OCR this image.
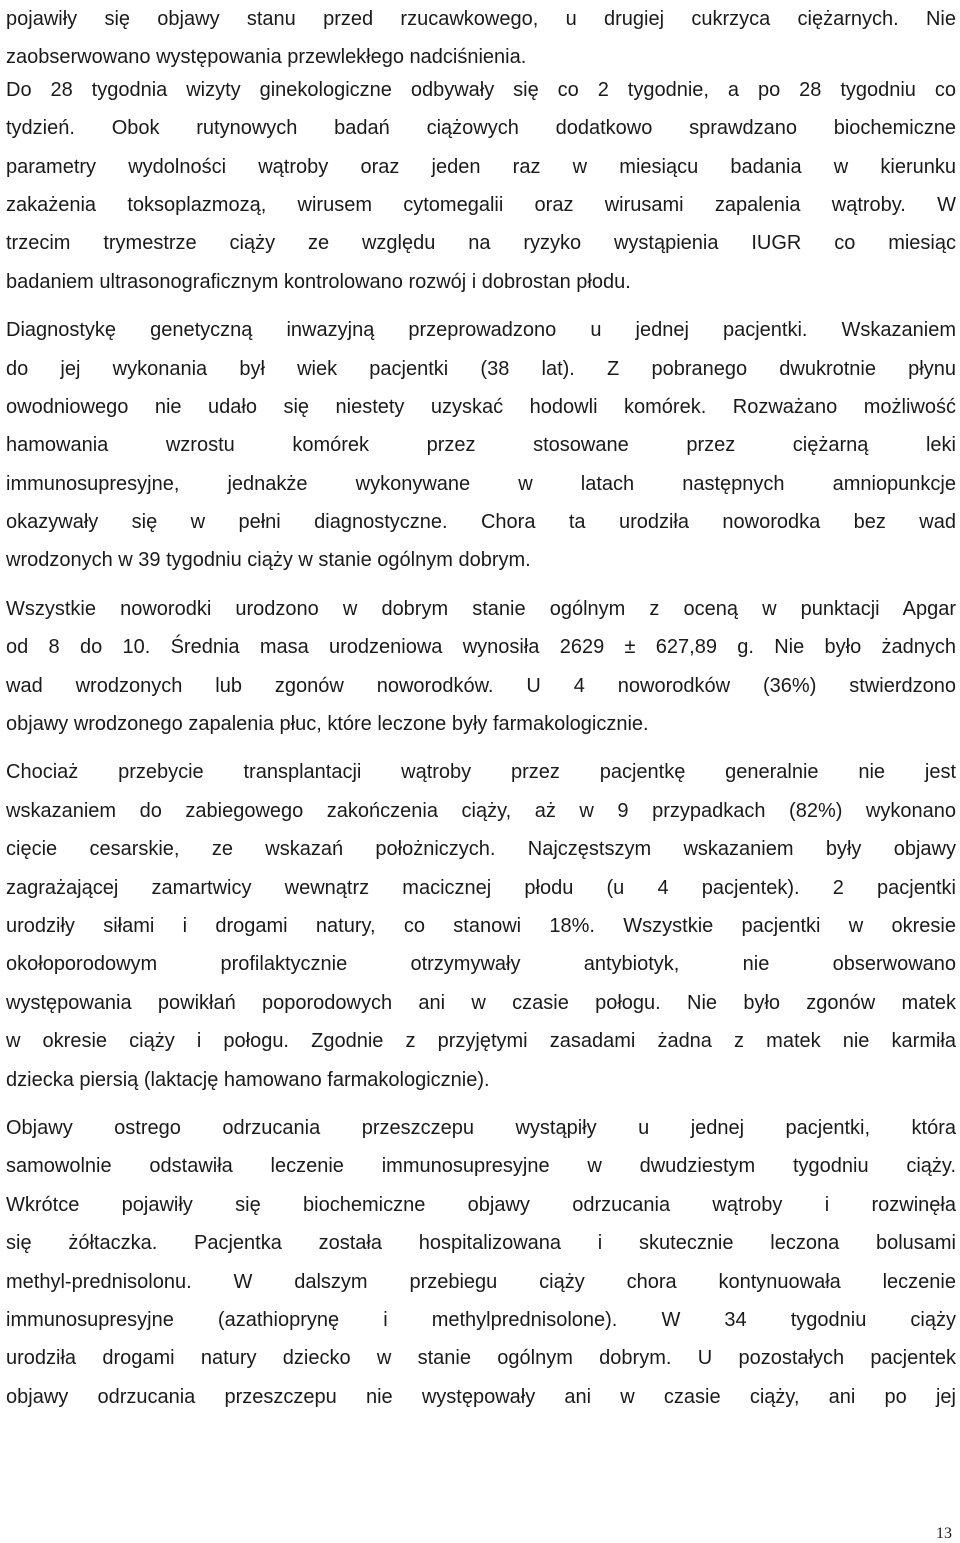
pojawiły się objawy stanu przed rzucawkowego, u drugiej cukrzyca ciężarnych. Nie
zaobserwowano występowania przewlekłego nadciśnienia.
Do 28 tygodnia wizyty ginekologiczne odbywały się co 2 tygodnie, a po 28 tygodniu co
tydzień. Obok rutynowych badań ciążowych dodatkowo sprawdzano biochemiczne
parametry wydolności wątroby oraz jeden raz w miesiącu badania w kierunku
zakażenia toksoplazmozą, wirusem cytomegalii oraz wirusami zapalenia wątroby. W
trzecim trymestrze ciąży ze względu na ryzyko wystąpienia IUGR co miesiąc
badaniem ultrasonograficznym kontrolowano rozwój i dobrostan płodu.
Diagnostykę genetyczną inwazyjną przeprowadzono u jednej pacjentki. Wskazaniem
do jej wykonania był wiek pacjentki (38 lat). Z pobranego dwukrotnie płynu
owodniowego nie udało się niestety uzyskać hodowli komórek. Rozważano możliwość
hamowania wzrostu komórek przez stosowane przez ciężarną leki
immunosupresyjne, jednakże wykonywane w latach następnych amniopunkcje
okazywały się w pełni diagnostyczne. Chora ta urodziła noworodka bez wad
wrodzonych w 39 tygodniu ciąży w stanie ogólnym dobrym.
Wszystkie noworodki urodzono w dobrym stanie ogólnym z oceną w punktacji Apgar
od 8 do 10. Średnia masa urodzeniowa wynosiła 2629 ± 627,89 g. Nie było żadnych
wad wrodzonych lub zgonów noworodków. U 4 noworodków (36%) stwierdzono
objawy wrodzonego zapalenia płuc, które leczone były farmakologicznie.
Chociaż przebycie transplantacji wątroby przez pacjentkę generalnie nie jest
wskazaniem do zabiegowego zakończenia ciąży, aż w 9 przypadkach (82%) wykonano
cięcie cesarskie, ze wskazań położniczych. Najczęstszym wskazaniem były objawy
zagrażającej zamartwicy wewnątrz macicznej płodu (u 4 pacjentek). 2 pacjentki
urodziły siłami i drogami natury, co stanowi 18%. Wszystkie pacjentki w okresie
okołoporodowym profilaktycznie otrzymywały antybiotyk, nie obserwowano
występowania powikłań poporodowych ani w czasie połogu. Nie było zgonów matek
w okresie ciąży i połogu. Zgodnie z przyjętymi zasadami żadna z matek nie karmiła
dziecka piersią (laktację hamowano farmakologicznie).
Objawy ostrego odrzucania przeszczepu wystąpiły u jednej pacjentki, która
samowolnie odstawiła leczenie immunosupresyjne w dwudziestym tygodniu ciąży.
Wkrótce pojawiły się biochemiczne objawy odrzucania wątroby i rozwinęła
się żółtaczka. Pacjentka została hospitalizowana i skutecznie leczona bolusami
methyl-prednisolonu. W dalszym przebiegu ciąży chora kontynuowała leczenie
immunosupresyjne (azathioprynę i methylprednisolone). W 34 tygodniu ciąży
urodziła drogami natury dziecko w stanie ogólnym dobrym. U pozostałych pacjentek
objawy odrzucania przeszczepu nie występowały ani w czasie ciąży, ani po jej
13
